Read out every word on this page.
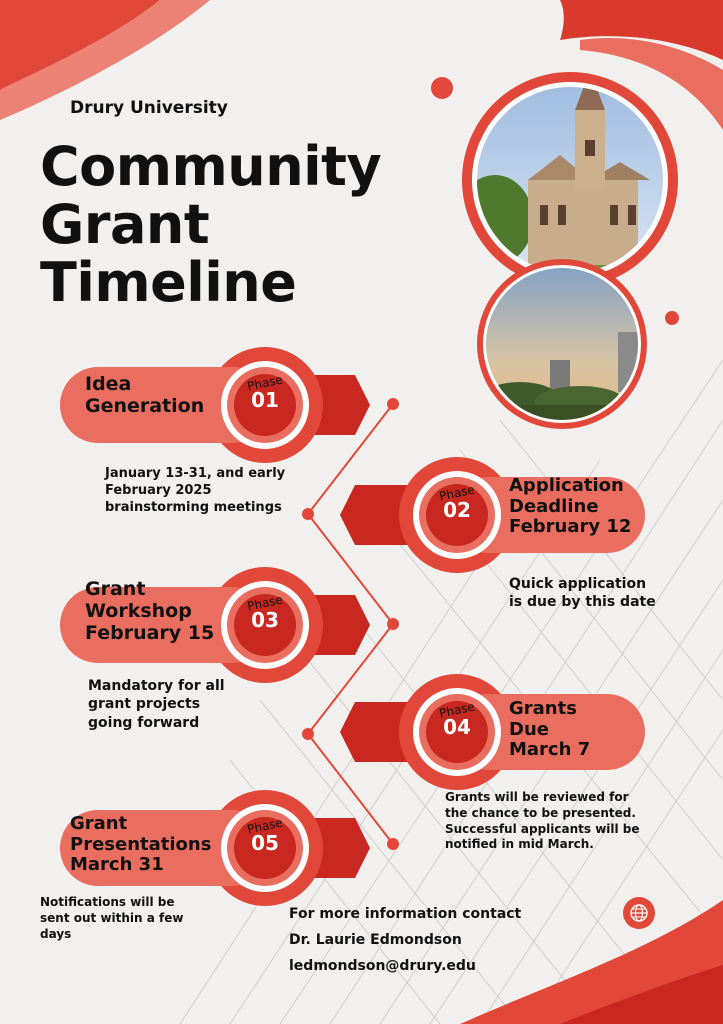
Drury University
Community
Grant
Timeline
Idea
Generation
Phase
01
January 13-31, and early
February 2025
brainstorming meetings
Application
Deadline
February 12
Phase
02
Quick application
is due by this date
Grant
Workshop
February 15
Phase
03
Mandatory for all
grant projects
going forward
Grants
Due
March 7
Phase
04
Grants will be reviewed for
the chance to be presented.
Successful applicants will be
notified in mid March.
Grant
Presentations
March 31
Phase
05
Notifications will be
sent out within a few
days
For more information contact
Dr. Laurie Edmondson
ledmondson@drury.edu
